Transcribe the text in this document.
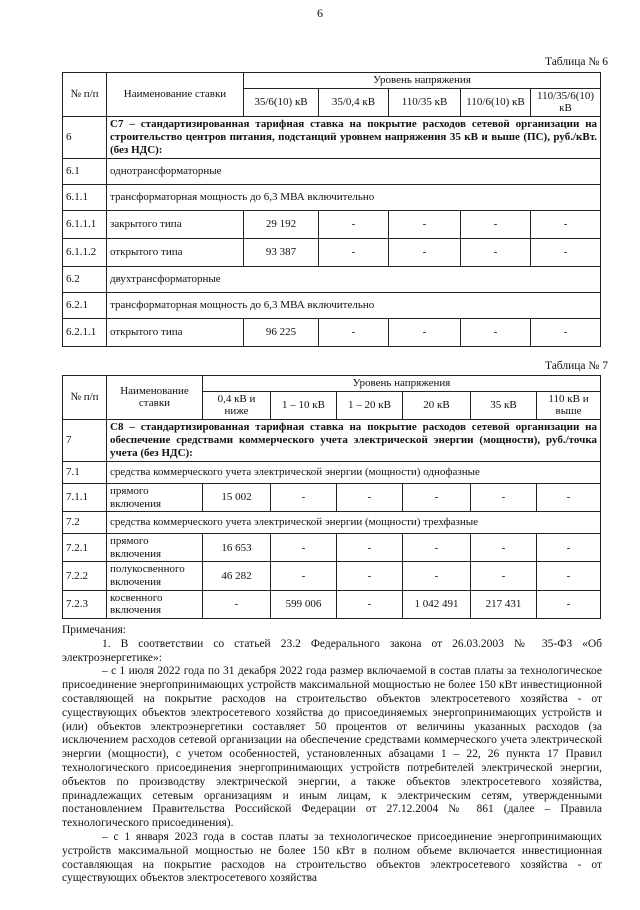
6
Таблица № 6
№ п/п	Наименование ставки	Уровень напряжения				
		35/6(10) кВ	35/0,4 кВ	110/35 кВ	110/6(10) кВ	110/35/6(10) кВ
6	С7 – стандартизированная тарифная ставка на покрытие расходов сетевой организации на строительство центров питания, подстанций уровнем напряжения 35 кВ и выше (ПС), руб./кВт. (без НДС):					
6.1	однотрансформаторные					
6.1.1	трансформаторная мощность до 6,3 МВА включительно					
6.1.1.1	закрытого типа	29 192	-	-	-	-
6.1.1.2	открытого типа	93 387	-	-	-	-
6.2	двухтрансформаторные					
6.2.1	трансформаторная мощность до 6,3 МВА включительно					
6.2.1.1	открытого типа	96 225	-	-	-	-
Таблица № 7
№ п/п	Наименование ставки	Уровень напряжения					
		0,4 кВ и ниже	1 – 10 кВ	1 – 20 кВ	20 кВ	35 кВ	110 кВ и выше
7	С8 – стандартизированная тарифная ставка на покрытие расходов сетевой организации на обеспечение средствами коммерческого учета электрической энергии (мощности), руб./точка учета (без НДС):						
7.1	средства коммерческого учета электрической энергии (мощности) однофазные						
7.1.1	прямого включения	15 002	-	-	-	-	-
7.2	средства коммерческого учета электрической энергии (мощности) трехфазные						
7.2.1	прямого включения	16 653	-	-	-	-	-
7.2.2	полукосвенного включения	46 282	-	-	-	-	-
7.2.3	косвенного включения	-	599 006	-	1 042 491	217 431	-

Примечания:

1. В соответствии со статьей 23.2 Федерального закона от 26.03.2003 № 35-ФЗ «Об электроэнергетике»:

– с 1 июля 2022 года по 31 декабря 2022 года размер включаемой в состав платы за технологическое присоединение энергопринимающих устройств максимальной мощностью не более 150 кВт инвестиционной составляющей на покрытие расходов на строительство объектов электросетевого хозяйства - от существующих объектов электросетевого хозяйства до присоединяемых энергопринимающих устройств и (или) объектов электроэнергетики составляет 50 процентов от величины указанных расходов (за исключением расходов сетевой организации на обеспечение средствами коммерческого учета электрической энергии (мощности), с учетом особенностей, установленных абзацами 1 – 22, 26 пункта 17 Правил технологического присоединения энергопринимающих устройств потребителей электрической энергии, объектов по производству электрической энергии, а также объектов электросетевого хозяйства, принадлежащих сетевым организациям и иным лицам, к электрическим сетям, утвержденными постановлением Правительства Российской Федерации от 27.12.2004 № 861 (далее – Правила технологического присоединения).

– с 1 января 2023 года в состав платы за технологическое присоединение энергопринимающих устройств максимальной мощностью не более 150 кВт в полном объеме включается инвестиционная составляющая на покрытие расходов на строительство объектов электросетевого хозяйства - от существующих объектов электросетевого хозяйства
